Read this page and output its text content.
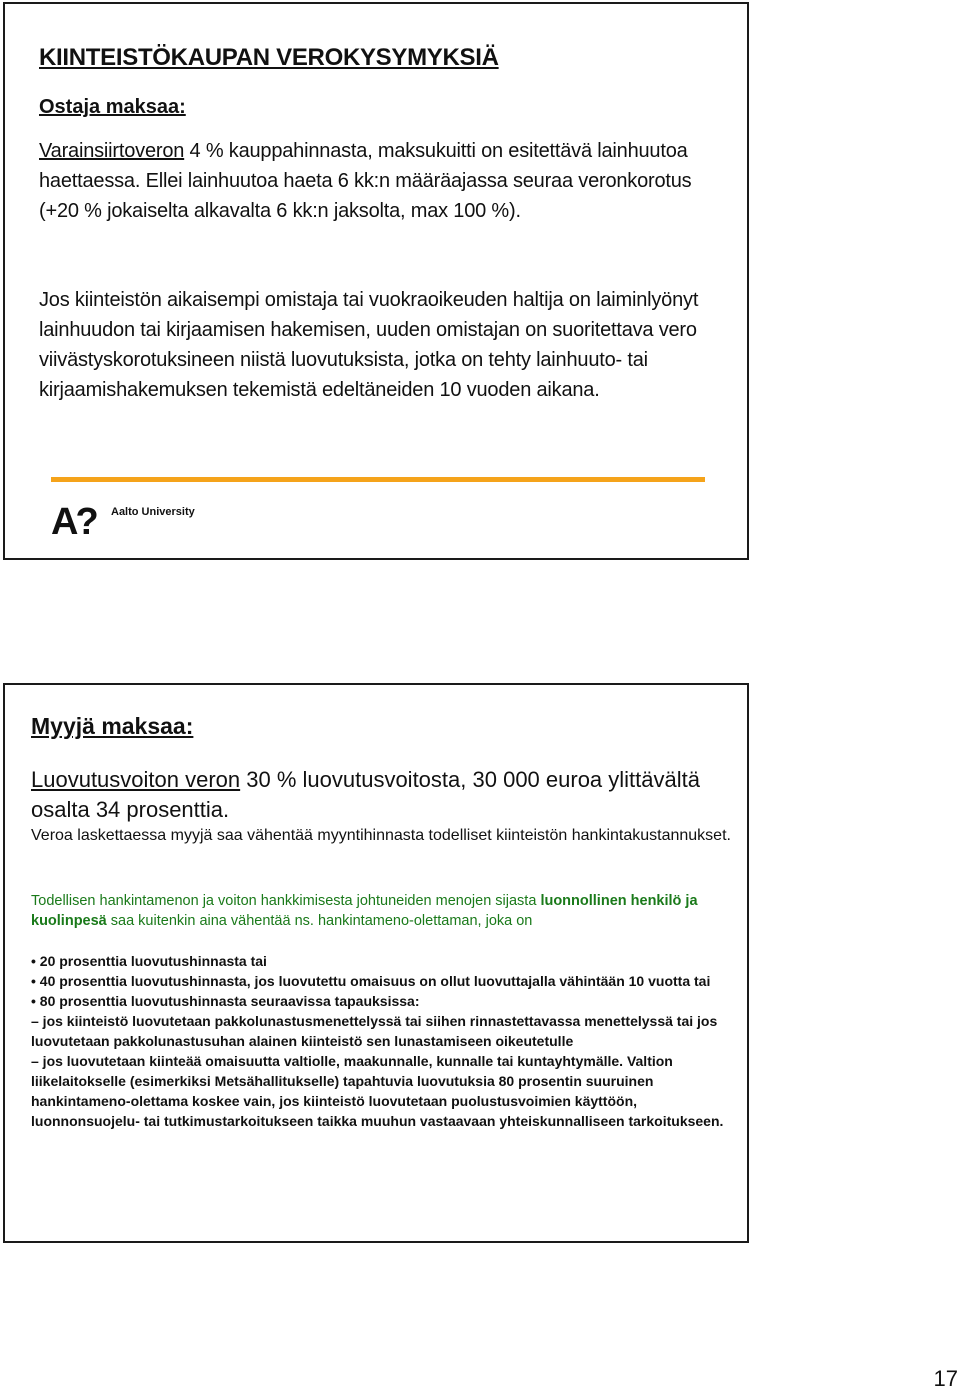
KIINTEISTÖKAUPAN VEROKYSYMYKSIÄ
Ostaja maksaa:

Varainsiirtoveron 4 % kauppahinnasta, maksukuitti on esitettävä lainhuutoa haettaessa. Ellei lainhuutoa haeta 6 kk:n määräajassa seuraa veronkorotus (+20 % jokaiselta alkavalta 6 kk:n jaksolta, max 100 %).

Jos kiinteistön aikaisempi omistaja tai vuokraoikeuden haltija on laiminlyönyt lainhuudon tai kirjaamisen hakemisen, uuden omistajan on suoritettava vero viivästyskorotuksineen niistä luovutuksista, jotka on tehty lainhuuto- tai kirjaamishakemuksen tekemistä edeltäneiden 10 vuoden aikana.

A? Aalto University
Myyjä maksaa:

Luovutusvoiton veron 30 % luovutusvoitosta, 30 000 euroa ylittävältä osalta 34 prosenttia.

Veroa laskettaessa myyjä saa vähentää myyntihinnasta todelliset kiinteistön hankintakustannukset.

Todellisen hankintamenon ja voiton hankkimisesta johtuneiden menojen sijasta luonnollinen henkilö ja kuolinpesä saa kuitenkin aina vähentää ns. hankintameno-olettaman, joka on

• 20 prosenttia luovutushinnasta tai
• 40 prosenttia luovutushinnasta, jos luovutettu omaisuus on ollut luovuttajalla vähintään 10 vuotta tai
• 80 prosenttia luovutushinnasta seuraavissa tapauksissa:
– jos kiinteistö luovutetaan pakkolunastusmenettelyssä tai siihen rinnastettavassa menettelyssä tai jos luovutetaan pakkolunastusuhan alainen kiinteistö sen lunastamiseen oikeutetulle
– jos luovutetaan kiinteää omaisuutta valtiolle, maakunnalle, kunnalle tai kuntayhtymälle. Valtion liikelaitokselle (esimerkiksi Metsähallitukselle) tapahtuvia luovutuksia 80 prosentin suuruinen hankintameno-olettama koskee vain, jos kiinteistö luovutetaan puolustusvoimien käyttöön, luonnonsuojelu- tai tutkimustarkoitukseen taikka muuhun vastaavaan yhteiskunnalliseen tarkoitukseen.
17
